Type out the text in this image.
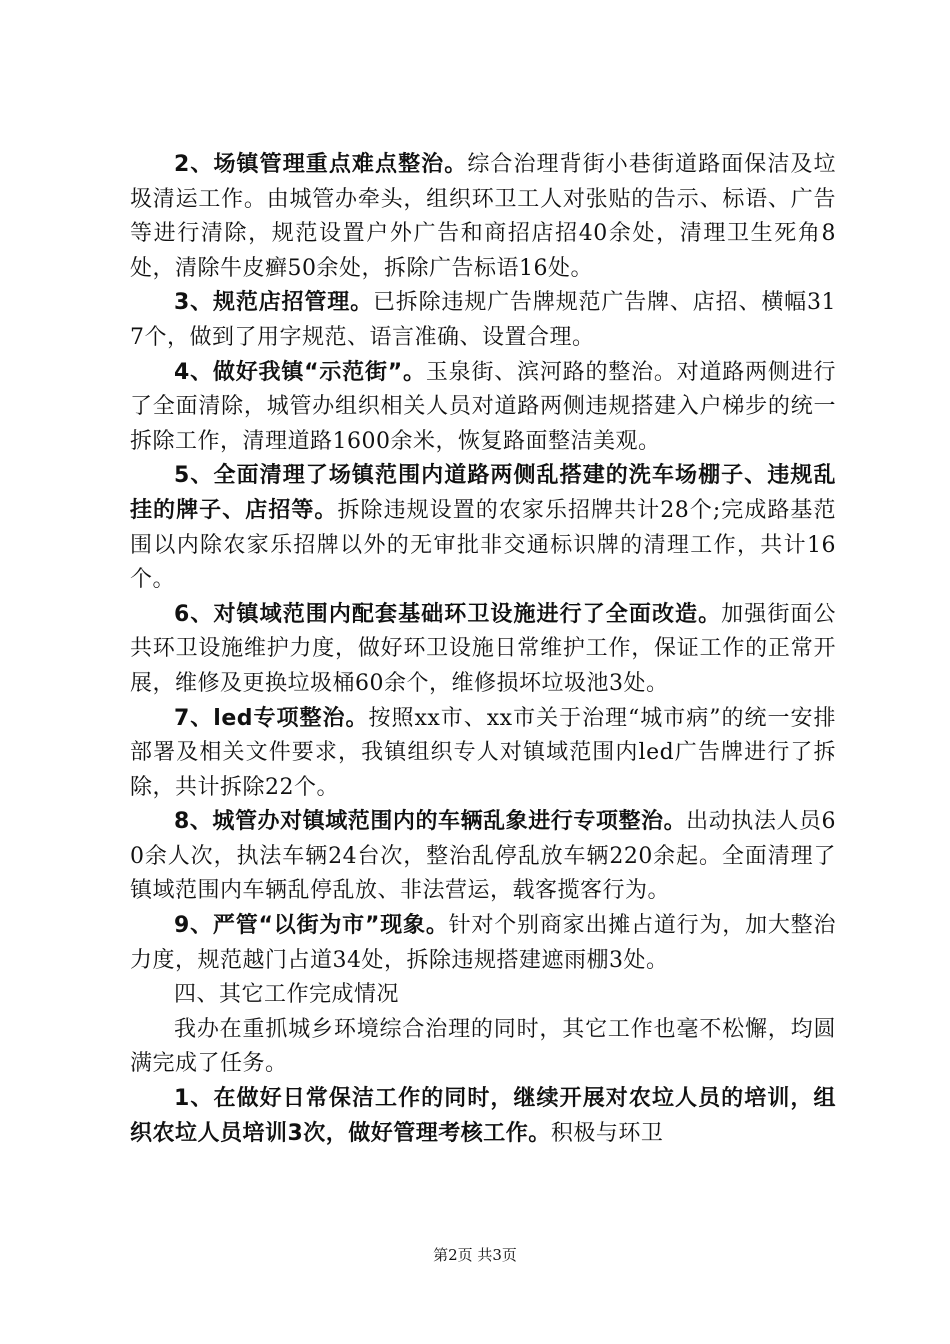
2、场镇管理重点难点整治。综合治理背街小巷街道路面保洁及垃圾清运工作。由城管办牵头，组织环卫工人对张贴的告示、标语、广告等进行清除，规范设置户外广告和商招店招40余处，清理卫生死角8处，清除牛皮癣50余处，拆除广告标语16处。

3、规范店招管理。已拆除违规广告牌规范广告牌、店招、横幅317个，做到了用字规范、语言准确、设置合理。

4、做好我镇“示范街”。玉泉街、滨河路的整治。对道路两侧进行了全面清除，城管办组织相关人员对道路两侧违规搭建入户梯步的统一拆除工作，清理道路1600余米，恢复路面整洁美观。

5、全面清理了场镇范围内道路两侧乱搭建的洗车场棚子、违规乱挂的牌子、店招等。拆除违规设置的农家乐招牌共计28个;完成路基范围以内除农家乐招牌以外的无审批非交通标识牌的清理工作，共计16个。

6、对镇域范围内配套基础环卫设施进行了全面改造。加强街面公共环卫设施维护力度，做好环卫设施日常维护工作，保证工作的正常开展，维修及更换垃圾桶60余个，维修损坏垃圾池3处。

7、led专项整治。按照xx市、xx市关于治理“城市病”的统一安排部署及相关文件要求，我镇组织专人对镇域范围内led广告牌进行了拆除，共计拆除22个。

8、城管办对镇域范围内的车辆乱象进行专项整治。出动执法人员60余人次，执法车辆24台次，整治乱停乱放车辆220余起。全面清理了镇域范围内车辆乱停乱放、非法营运，载客揽客行为。

9、严管“以街为市”现象。针对个别商家出摊占道行为，加大整治力度，规范越门占道34处，拆除违规搭建遮雨棚3处。

四、其它工作完成情况

我办在重抓城乡环境综合治理的同时，其它工作也毫不松懈，均圆满完成了任务。

1、在做好日常保洁工作的同时，继续开展对农垃人员的培训，组织农垃人员培训3次，做好管理考核工作。积极与环卫

第2页 共3页
